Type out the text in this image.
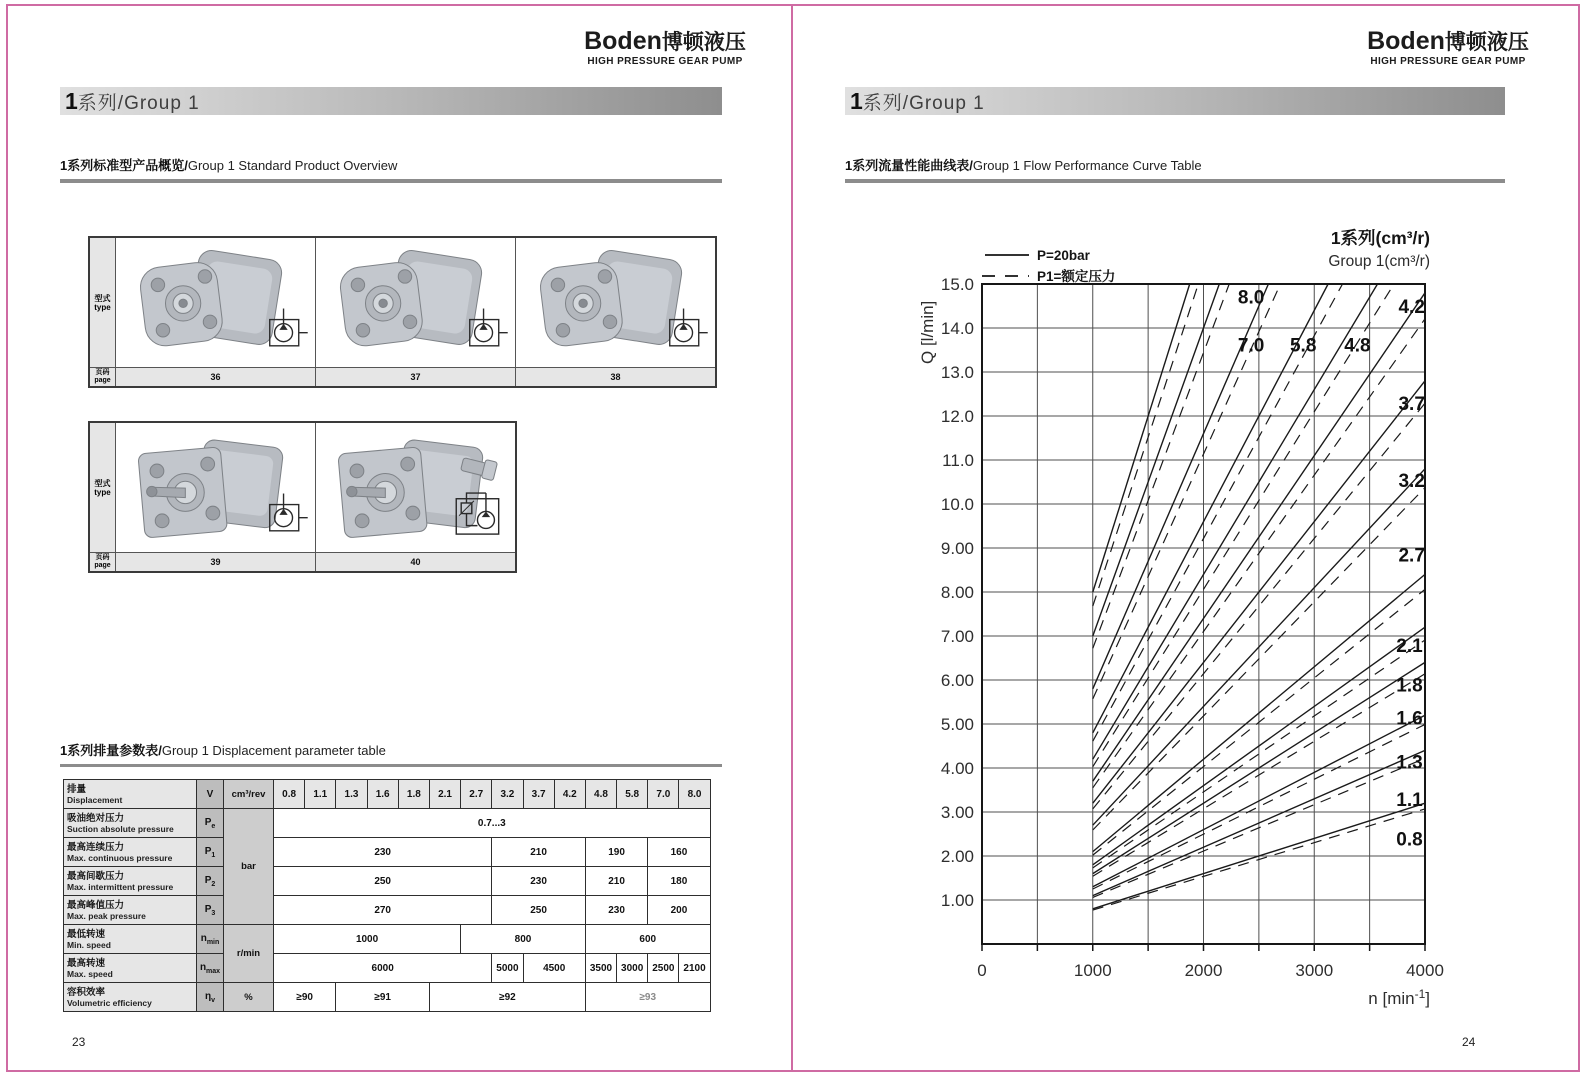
Boden博顿液压
HIGH PRESSURE GEAR PUMP
1系列/Group 1
1系列标准型产品概览/Group 1 Standard Product Overview
型式
type
页码
page	36	37	38
型式
type
页码
page	39	40
1系列排量参数表/Group 1 Displacement parameter table
排量
Displacement	V	cm³/rev	0.8	1.1	1.3	1.6	1.8	2.1	2.7	3.2	3.7	4.2	4.8	5.8	7.0	8.0

吸油绝对压力
Suction absolute pressure	$P_e$	bar	0.7...3													

最高连续压力
Max. continuous pressure	$P_1$		230							210			190		160	

最高间歇压力
Max. intermittent pressure	$P_2$		250							230			210		180	

最高峰值压力
Max. peak pressure	$P_3$		270							250			230		200	

最低转速
Min. speed	$n_{min}$	r/min	1000						800				600			

最高转速
Max. speed	$n_{max}$		6000							5000	4500		3500	3000	2500	2100

容积效率
Volumetric efficiency	$\eta_v$	%	≥90		≥91			≥92					≥93			
23
Boden博顿液压
HIGH PRESSURE GEAR PUMP
1系列/Group 1
1系列流量性能曲线表/Group 1 Flow Performance Curve Table
P=20bar
P1=额定压力
1系列(cm³/r)
Group 1(cm³/r)
8.0
7.0 5.8 4.8
4.2
3.7
3.2
2.7
2.1
1.8
1.6
1.3
1.1
0.8
1.00
2.00
3.00
4.00
5.00
6.00
7.00
8.00
9.00
10.0
11.0
12.0
13.0
14.0
15.0
0	1000	2000	3000	4000
Q [l/min]
n $[\min^{-1}]$
24
